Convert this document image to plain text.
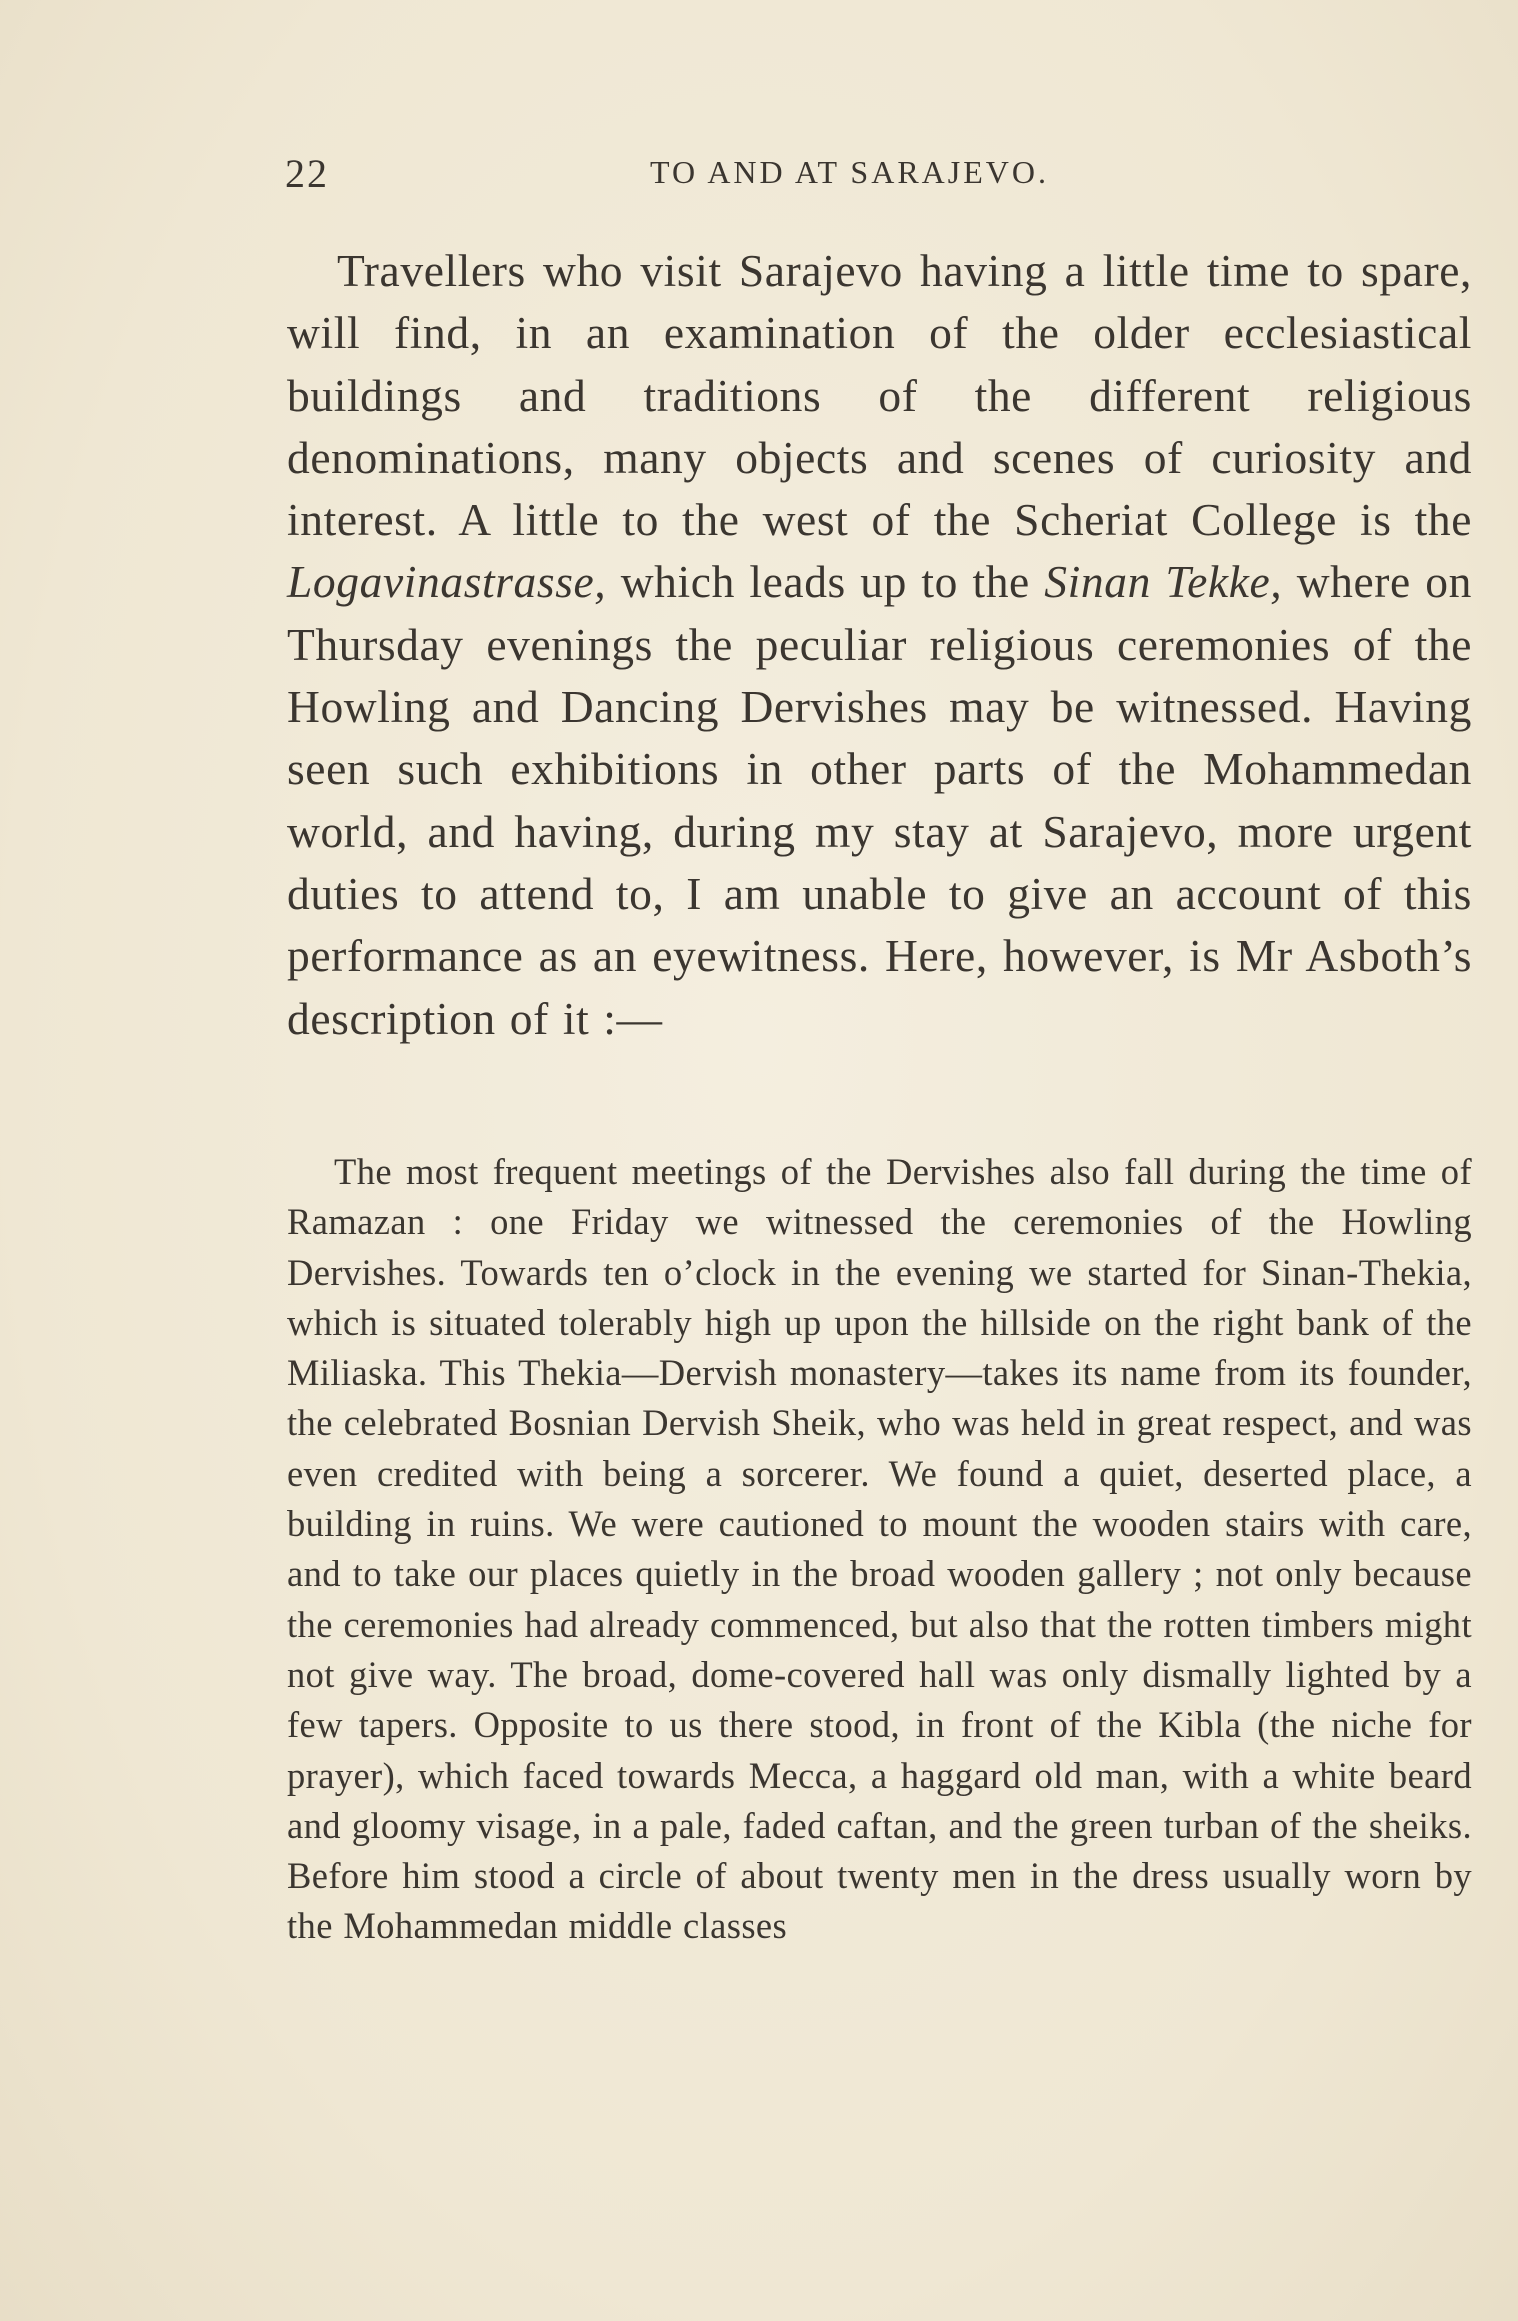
22	TO AND AT SARAJEVO.

Travellers who visit Sarajevo having a little time to spare, will find, in an examination of the older ecclesiastical buildings and traditions of the different religious denominations, many objects and scenes of curiosity and interest. A little to the west of the Scheriat College is the Logavinastrasse, which leads up to the Sinan Tekke, where on Thursday evenings the peculiar religious ceremonies of the Howling and Dancing Dervishes may be witnessed. Having seen such exhibitions in other parts of the Mohammedan world, and having, during my stay at Sarajevo, more urgent duties to attend to, I am unable to give an account of this performance as an eyewitness. Here, however, is Mr Asboth’s description of it :—

The most frequent meetings of the Dervishes also fall during the time of Ramazan : one Friday we witnessed the ceremonies of the Howling Dervishes. Towards ten o’clock in the evening we started for Sinan-Thekia, which is situated tolerably high up upon the hillside on the right bank of the Miliaska. This Thekia—Dervish monastery—takes its name from its founder, the celebrated Bosnian Dervish Sheik, who was held in great respect, and was even credited with being a sorcerer. We found a quiet, deserted place, a building in ruins. We were cautioned to mount the wooden stairs with care, and to take our places quietly in the broad wooden gallery ; not only because the ceremonies had already commenced, but also that the rotten timbers might not give way. The broad, dome-covered hall was only dismally lighted by a few tapers. Opposite to us there stood, in front of the Kibla (the niche for prayer), which faced towards Mecca, a haggard old man, with a white beard and gloomy visage, in a pale, faded caftan, and the green turban of the sheiks. Before him stood a circle of about twenty men in the dress usually worn by the Mohammedan middle classes
